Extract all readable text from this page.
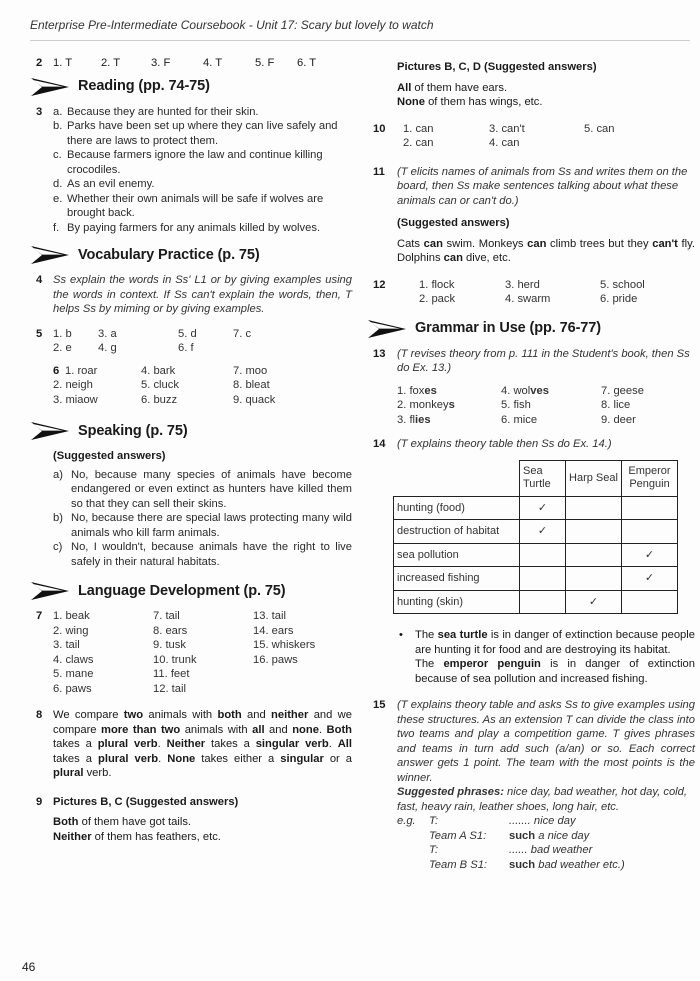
Enterprise Pre-Intermediate Coursebook - Unit 17: Scary but lovely to watch
2 1. T	2. T	3. F	4. T	5. F	6. T
Reading (pp. 74-75)
3 a. Because they are hunted for their skin.
b. Parks have been set up where they can live safely and there are laws to protect them.
c. Because farmers ignore the law and continue killing crocodiles.
d. As an evil enemy.
e. Whether their own animals will be safe if wolves are brought back.
f. By paying farmers for any animals killed by wolves.
Vocabulary Practice (p. 75)
4 Ss explain the words in Ss' L1 or by giving examples using the words in context. If Ss can't explain the words, then, T helps Ss by miming or by giving examples.
5 1. b	3. a	5. d	7. c
2. e	4. g	6. f
6 1. roar	4. bark	7. moo
2. neigh	5. cluck	8. bleat
3. miaow	6. buzz	9. quack
Speaking (p. 75)
(Suggested answers)
a) No, because many species of animals have become endangered or even extinct as hunters have killed them so that they can sell their skins.
b) No, because there are special laws protecting many wild animals who kill farm animals.
c) No, I wouldn't, because animals have the right to live safely in their natural habitats.
Language Development (p. 75)
7 1. beak	7. tail	13. tail
2. wing	8. ears	14. ears
3. tail	9. tusk	15. whiskers
4. claws	10. trunk	16. paws
5. mane	11. feet
6. paws	12. tail
8 We compare two animals with both and neither and we compare more than two animals with all and none. Both takes a plural verb. Neither takes a singular verb. All takes a plural verb. None takes either a singular or a plural verb.
9 Pictures B, C (Suggested answers)
Both of them have got tails.
Neither of them has feathers, etc.
Pictures B, C, D (Suggested answers)
All of them have ears.
None of them has wings, etc.
10 1. can	3. can't	5. can
2. can	4. can
11 (T elicits names of animals from Ss and writes them on the board, then Ss make sentences talking about what these animals can or can't do.)
(Suggested answers)
Cats can swim. Monkeys can climb trees but they can't fly. Dolphins can dive, etc.
12	1. flock	3. herd	5. school
2. pack	4. swarm	6. pride
Grammar in Use (pp. 76-77)
13 (T revises theory from p. 111 in the Student's book, then Ss do Ex. 13.)
1. foxes	4. wolves	7. geese
2. monkeys	5. fish	8. lice
3. flies	6. mice	9. deer
14 (T explains theory table then Ss do Ex. 14.)
	Sea Turtle	Harp Seal	Emperor Penguin
hunting (food)	✓		
destruction of habitat	✓		
sea pollution			✓
increased fishing			✓
hunting (skin)		✓	
• The sea turtle is in danger of extinction because people are hunting it for food and are destroying its habitat.
The emperor penguin is in danger of extinction because of sea pollution and increased fishing.
15 (T explains theory table and asks Ss to give examples using these structures. As an extension T can divide the class into two teams and play a competition game. T gives phrases and teams in turn add such (a/an) or so. Each correct answer gets 1 point. The team with the most points is the winner.
Suggested phrases: nice day, bad weather, hot day, cold, fast, heavy rain, leather shoes, long hair, etc.
e.g.	T:	....... nice day
Team A S1:	such a nice day
T:	...... bad weather
Team B S1:	such bad weather etc.)
46
